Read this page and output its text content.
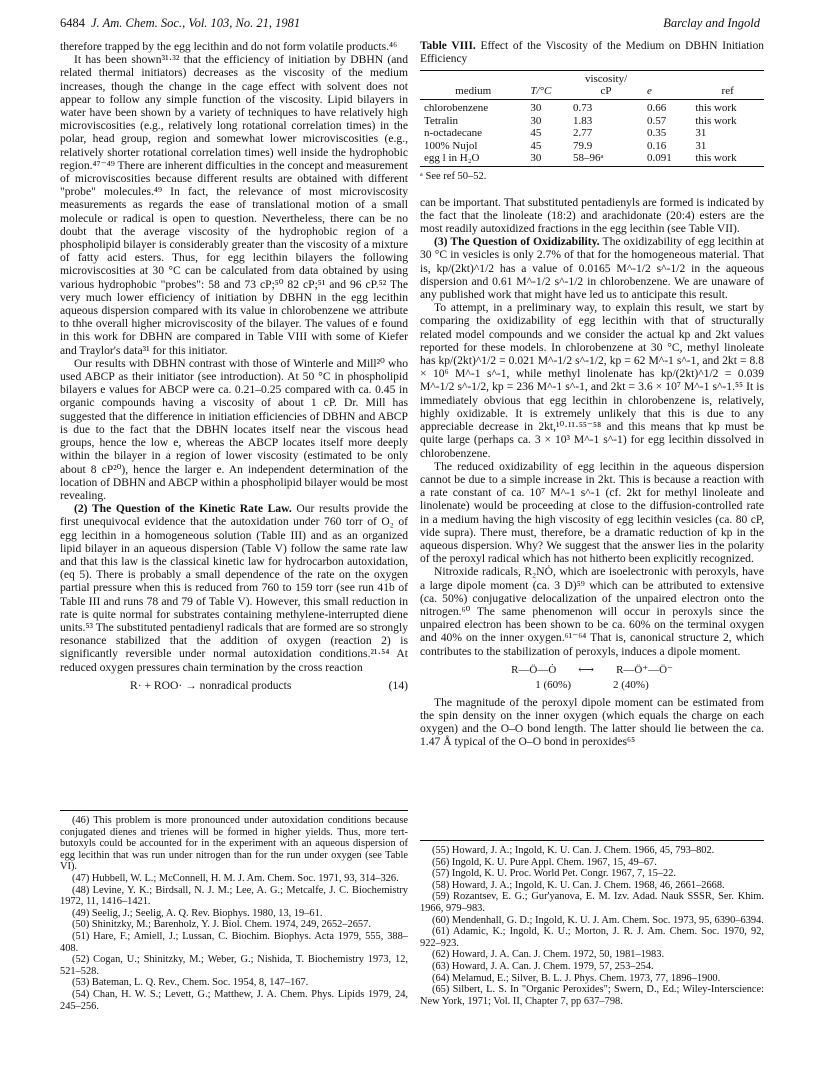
6484 J. Am. Chem. Soc., Vol. 103, No. 21, 1981	Barclay and Ingold

therefore trapped by the egg lecithin and do not form volatile products.⁴⁶

It has been shown³¹·³² that the efficiency of initiation by DBHN (and related thermal initiators) decreases as the viscosity of the medium increases, though the change in the cage effect with solvent does not appear to follow any simple function of the viscosity. Lipid bilayers in water have been shown by a variety of techniques to have relatively high microviscosities (e.g., relatively long rotational correlation times) in the polar, head group, region and somewhat lower microviscosities (e.g., relatively shorter rotational correlation times) well inside the hydrophobic region.⁴⁷⁻⁴⁹ There are inherent difficulties in the concept and measurement of microviscosities because different results are obtained with different "probe" molecules.⁴⁹ In fact, the relevance of most microviscosity measurements as regards the ease of translational motion of a small molecule or radical is open to question. Nevertheless, there can be no doubt that the average viscosity of the hydrophobic region of a phospholipid bilayer is considerably greater than the viscosity of a mixture of fatty acid esters. Thus, for egg lecithin bilayers the following microviscosities at 30 °C can be calculated from data obtained by using various hydrophobic "probes": 58 and 73 cP;⁵⁰ 82 cP;⁵¹ and 96 cP.⁵² The very much lower efficiency of initiation by DBHN in the egg lecithin aqueous dispersion compared with its value in chlorobenzene we attribute to thhe overall higher microviscosity of the bilayer. The values of e found in this work for DBHN are compared in Table VIII with some of Kiefer and Traylor's data³¹ for this initiator.

Our results with DBHN contrast with those of Winterle and Mill²⁰ who used ABCP as their initiator (see introduction). At 50 °C in phospholipid bilayers e values for ABCP were ca. 0.21–0.25 compared with ca. 0.45 in organic compounds having a viscosity of about 1 cP. Dr. Mill has suggested that the difference in initiation efficiencies of DBHN and ABCP is due to the fact that the DBHN locates itself near the viscous head groups, hence the low e, whereas the ABCP locates itself more deeply within the bilayer in a region of lower viscosity (estimated to be only about 8 cP²⁰), hence the larger e. An independent determination of the location of DBHN and ABCP within a phospholipid bilayer would be most revealing.

(2) The Question of the Kinetic Rate Law. Our results provide the first unequivocal evidence that the autoxidation under 760 torr of O₂ of egg lecithin in a homogeneous solution (Table III) and as an organized lipid bilayer in an aqueous dispersion (Table V) follow the same rate law and that this law is the classical kinetic law for hydrocarbon autoxidation, (eq 5). There is probably a small dependence of the rate on the oxygen partial pressure when this is reduced from 760 to 159 torr (see run 41b of Table III and runs 78 and 79 of Table V). However, this small reduction in rate is quite normal for substrates containing methylene-interrupted diene units.⁵³ The substituted pentadienyl radicals that are formed are so strongly resonance stabilized that the addition of oxygen (reaction 2) is significantly reversible under normal autoxidation conditions.²¹·⁵⁴ At reduced oxygen pressures chain termination by the cross reaction

R· + ROO· → nonradical products	(14)
Table VIII. Effect of the Viscosity of the Medium on DBHN Initiation Efficiency
		viscosity/		
medium	T/°C	cP	e	ref
chlorobenzene	30	0.73	0.66	this work
Tetralin	30	1.83	0.57	this work
n-octadecane	45	2.77	0.35	31
100% Nujol	45	79.9	0.16	31
egg l in H₂O	30	58–96ᵃ	0.091	this work
ᵃ See ref 50–52.

can be important. That substituted pentadienyls are formed is indicated by the fact that the linoleate (18:2) and arachidonate (20:4) esters are the most readily autoxidized fractions in the egg lecithin (see Table VII).

(3) The Question of Oxidizability. The oxidizability of egg lecithin at 30 °C in vesicles is only 2.7% of that for the homogeneous material. That is, kp/(2kt)^1/2 has a value of 0.0165 M^-1/2 s^-1/2 in the aqueous dispersion and 0.61 M^-1/2 s^-1/2 in chlorobenzene. We are unaware of any published work that might have led us to anticipate this result.

To attempt, in a preliminary way, to explain this result, we start by comparing the oxidizability of egg lecithin with that of structurally related model compounds and we consider the actual kp and 2kt values reported for these models. In chlorobenzene at 30 °C, methyl linoleate has kp/(2kt)^1/2 = 0.021 M^-1/2 s^-1/2, kp = 62 M^-1 s^-1, and 2kt = 8.8 × 10⁶ M^-1 s^-1, while methyl linolenate has kp/(2kt)^1/2 = 0.039 M^-1/2 s^-1/2, kp = 236 M^-1 s^-1, and 2kt = 3.6 × 10⁷ M^-1 s^-1.⁵⁵ It is immediately obvious that egg lecithin in chlorobenzene is, relatively, highly oxidizable. It is extremely unlikely that this is due to any appreciable decrease in 2kt,¹⁰·¹¹·⁵⁵⁻⁵⁸ and this means that kp must be quite large (perhaps ca. 3 × 10³ M^-1 s^-1) for egg lecithin dissolved in chlorobenzene.

The reduced oxidizability of egg lecithin in the aqueous dispersion cannot be due to a simple increase in 2kt. This is because a reaction with a rate constant of ca. 10⁷ M^-1 s^-1 (cf. 2kt for methyl linoleate and linolenate) would be proceeding at close to the diffusion-controlled rate in a medium having the high viscosity of egg lecithin vesicles (ca. 80 cP, vide supra). There must, therefore, be a dramatic reduction of kp in the aqueous dispersion. Why? We suggest that the answer lies in the polarity of the peroxyl radical which has not hitherto been explicitly recognized.

Nitroxide radicals, R₂NȮ, which are isoelectronic with peroxyls, have a large dipole moment (ca. 3 D)⁵⁹ which can be attributed to extensive (ca. 50%) conjugative delocalization of the unpaired electron onto the nitrogen.⁶⁰ The same phenomenon will occur in peroxyls since the unpaired electron has been shown to be ca. 60% on the terminal oxygen and 40% on the inner oxygen.⁶¹⁻⁶⁴ That is, canonical structure 2, which contributes to the stabilization of peroxyls, induces a dipole moment.

R—Ö—Ȯ ⟷ R—Ö⁺—Ö⁻
1 (60%)	2 (40%)

The magnitude of the peroxyl dipole moment can be estimated from the spin density on the inner oxygen (which equals the charge on each oxygen) and the O–O bond length. The latter should lie between the ca. 1.47 Å typical of the O–O bond in peroxides⁶⁵

(46) This problem is more pronounced under autoxidation conditions because conjugated dienes and trienes will be formed in higher yields. Thus, more tert-butoxyls could be accounted for in the experiment with an aqueous dispersion of egg lecithin that was run under nitrogen than for the run under oxygen (see Table VI).

(47) Hubbell, W. L.; McConnell, H. M. J. Am. Chem. Soc. 1971, 93, 314–326.

(48) Levine, Y. K.; Birdsall, N. J. M.; Lee, A. G.; Metcalfe, J. C. Biochemistry 1972, 11, 1416–1421.

(49) Seelig, J.; Seelig, A. Q. Rev. Biophys. 1980, 13, 19–61.

(50) Shinitzky, M.; Barenholz, Y. J. Biol. Chem. 1974, 249, 2652–2657.

(51) Hare, F.; Amiell, J.; Lussan, C. Biochim. Biophys. Acta 1979, 555, 388–408.

(52) Cogan, U.; Shinitzky, M.; Weber, G.; Nishida, T. Biochemistry 1973, 12, 521–528.

(53) Bateman, L. Q. Rev., Chem. Soc. 1954, 8, 147–167.

(54) Chan, H. W. S.; Levett, G.; Matthew, J. A. Chem. Phys. Lipids 1979, 24, 245–256.

(55) Howard, J. A.; Ingold, K. U. Can. J. Chem. 1966, 45, 793–802.

(56) Ingold, K. U. Pure Appl. Chem. 1967, 15, 49–67.

(57) Ingold, K. U. Proc. World Pet. Congr. 1967, 7, 15–22.

(58) Howard, J. A.; Ingold, K. U. Can. J. Chem. 1968, 46, 2661–2668.

(59) Rozantsev, E. G.; Gur'yanova, E. M. Izv. Adad. Nauk SSSR, Ser. Khim. 1966, 979–983.

(60) Mendenhall, G. D.; Ingold, K. U. J. Am. Chem. Soc. 1973, 95, 6390–6394.

(61) Adamic, K.; Ingold, K. U.; Morton, J. R. J. Am. Chem. Soc. 1970, 92, 922–923.

(62) Howard, J. A. Can. J. Chem. 1972, 50, 1981–1983.

(63) Howard, J. A. Can. J. Chem. 1979, 57, 253–254.

(64) Melamud, E.; Silver, B. L. J. Phys. Chem. 1973, 77, 1896–1900.

(65) Silbert, L. S. In "Organic Peroxides"; Swern, D., Ed.; Wiley-Interscience: New York, 1971; Vol. II, Chapter 7, pp 637–798.
